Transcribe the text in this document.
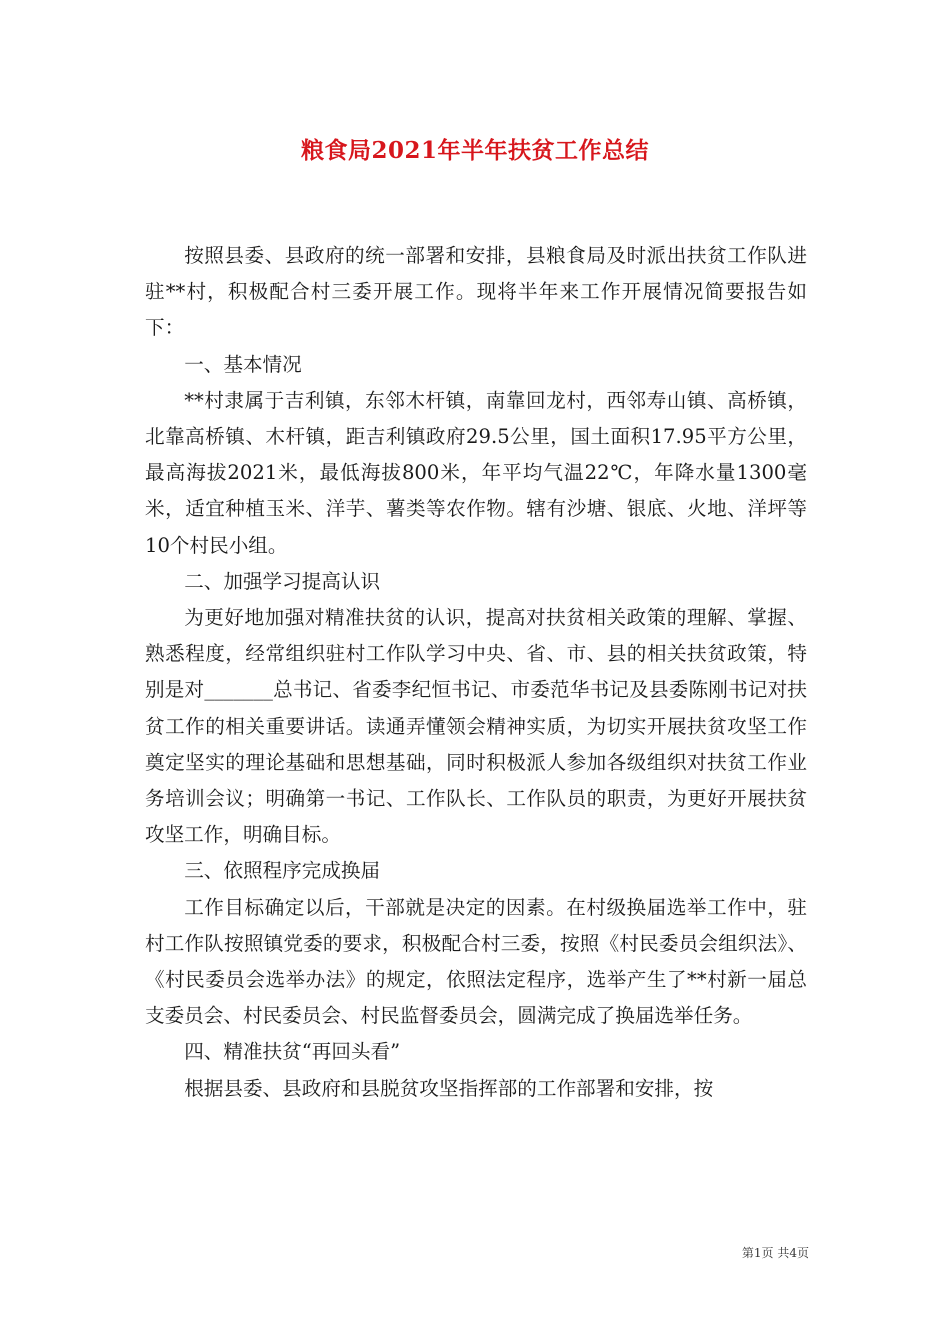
粮食局2021年半年扶贫工作总结

按照县委、县政府的统一部署和安排，县粮食局及时派出扶贫工作队进驻**村，积极配合村三委开展工作。现将半年来工作开展情况简要报告如下：

一、基本情况

**村隶属于吉利镇，东邻木杆镇，南靠回龙村，西邻寿山镇、高桥镇，北靠高桥镇、木杆镇，距吉利镇政府29.5公里，国土面积17.95平方公里，最高海拔2021米，最低海拔800米，年平均气温22℃，年降水量1300毫米，适宜种植玉米、洋芋、薯类等农作物。辖有沙塘、银底、火地、洋坪等10个村民小组。

二、加强学习提高认识

为更好地加强对精准扶贫的认识，提高对扶贫相关政策的理解、掌握、熟悉程度，经常组织驻村工作队学习中央、省、市、县的相关扶贫政策，特别是对_______总书记、省委李纪恒书记、市委范华书记及县委陈刚书记对扶贫工作的相关重要讲话。读通弄懂领会精神实质，为切实开展扶贫攻坚工作奠定坚实的理论基础和思想基础，同时积极派人参加各级组织对扶贫工作业务培训会议；明确第一书记、工作队长、工作队员的职责，为更好开展扶贫攻坚工作，明确目标。

三、依照程序完成换届

工作目标确定以后，干部就是决定的因素。在村级换届选举工作中，驻村工作队按照镇党委的要求，积极配合村三委，按照《村民委员会组织法》、《村民委员会选举办法》的规定，依照法定程序，选举产生了**村新一届总支委员会、村民委员会、村民监督委员会，圆满完成了换届选举任务。

四、精准扶贫“再回头看”

根据县委、县政府和县脱贫攻坚指挥部的工作部署和安排，按

第1页 共4页
